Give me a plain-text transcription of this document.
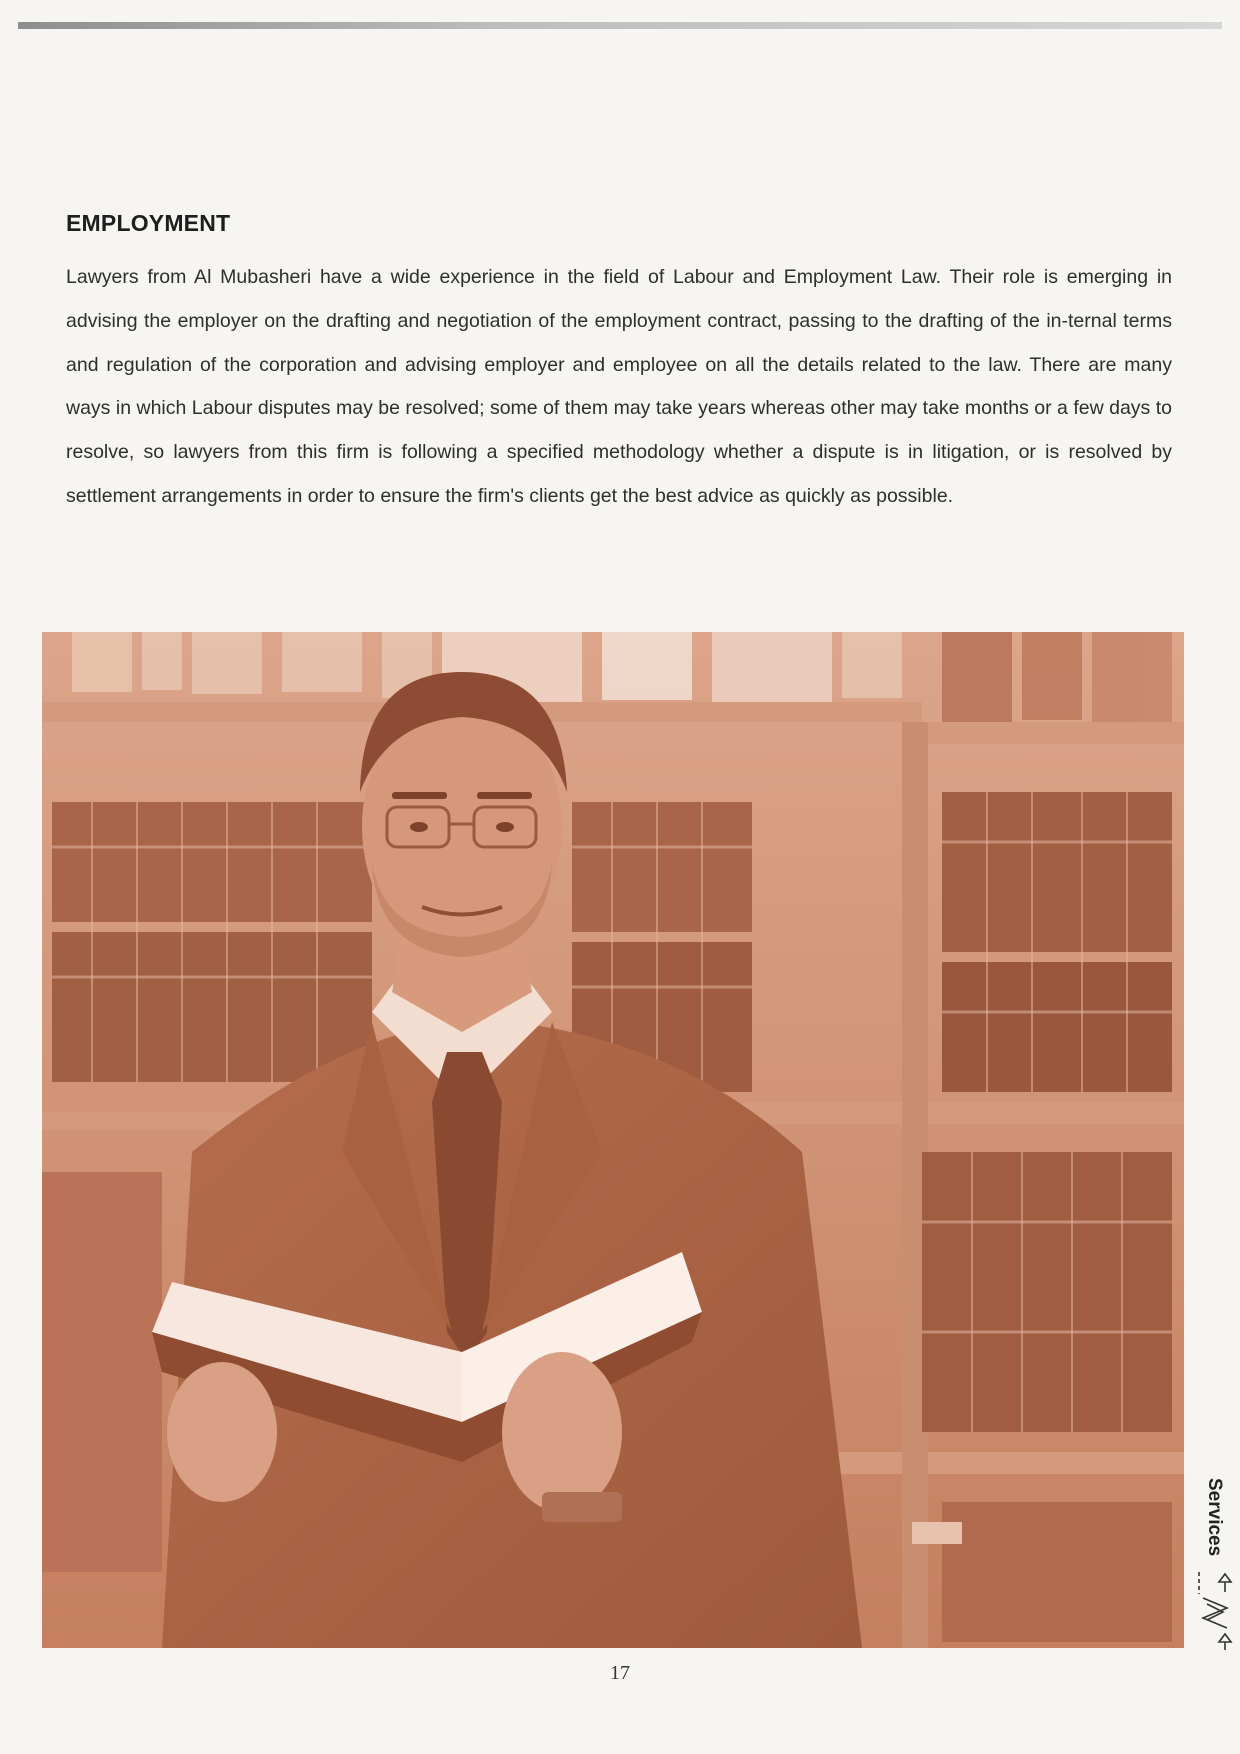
EMPLOYMENT

Lawyers from Al Mubasheri have a wide experience in the field of Labour and Employment Law. Their role is emerging in advising the employer on the drafting and negotiation of the employment contract, passing to the drafting of the in-ternal terms and regulation of the corporation and advising employer and employee on all the details related to the law. There are many ways in which Labour disputes may be resolved; some of them may take years whereas other may take months or a few days to resolve, so lawyers from this firm is following a specified methodology whether a dispute is in litigation, or is resolved by settlement arrangements in order to ensure the firm's clients get the best advice as quickly as possible.

17
Services
